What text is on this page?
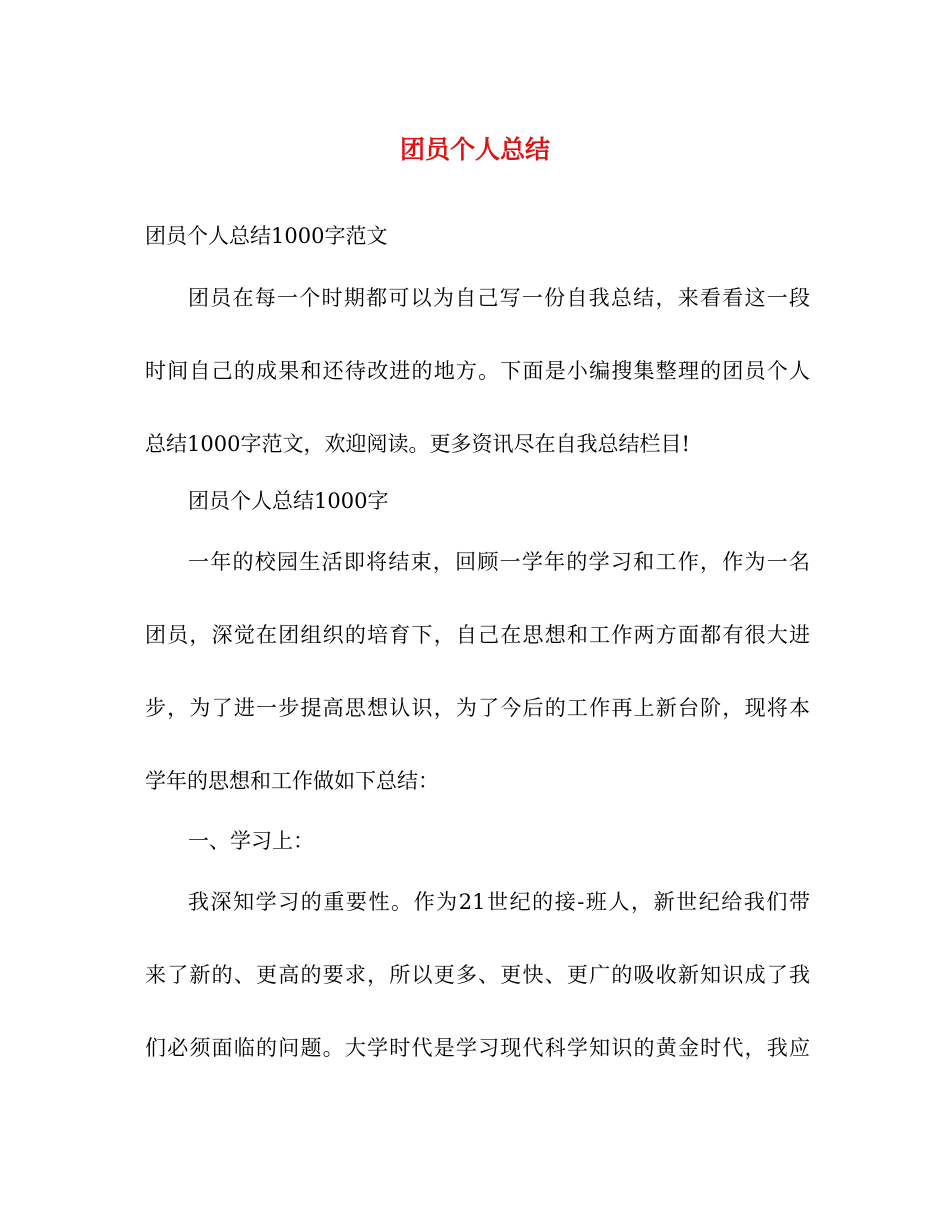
团员个人总结

团员个人总结1000字范文

团员在每一个时期都可以为自己写一份自我总结，来看看这一段
时间自己的成果和还待改进的地方。下面是小编搜集整理的团员个人
总结1000字范文，欢迎阅读。更多资讯尽在自我总结栏目!

团员个人总结1000字

一年的校园生活即将结束，回顾一学年的学习和工作，作为一名
团员，深觉在团组织的培育下，自己在思想和工作两方面都有很大进
步，为了进一步提高思想认识，为了今后的工作再上新台阶，现将本
学年的思想和工作做如下总结：

一、学习上：

我深知学习的重要性。作为21世纪的接-班人，新世纪给我们带
来了新的、更高的要求，所以更多、更快、更广的吸收新知识成了我
们必须面临的问题。大学时代是学习现代科学知识的黄金时代，我应
